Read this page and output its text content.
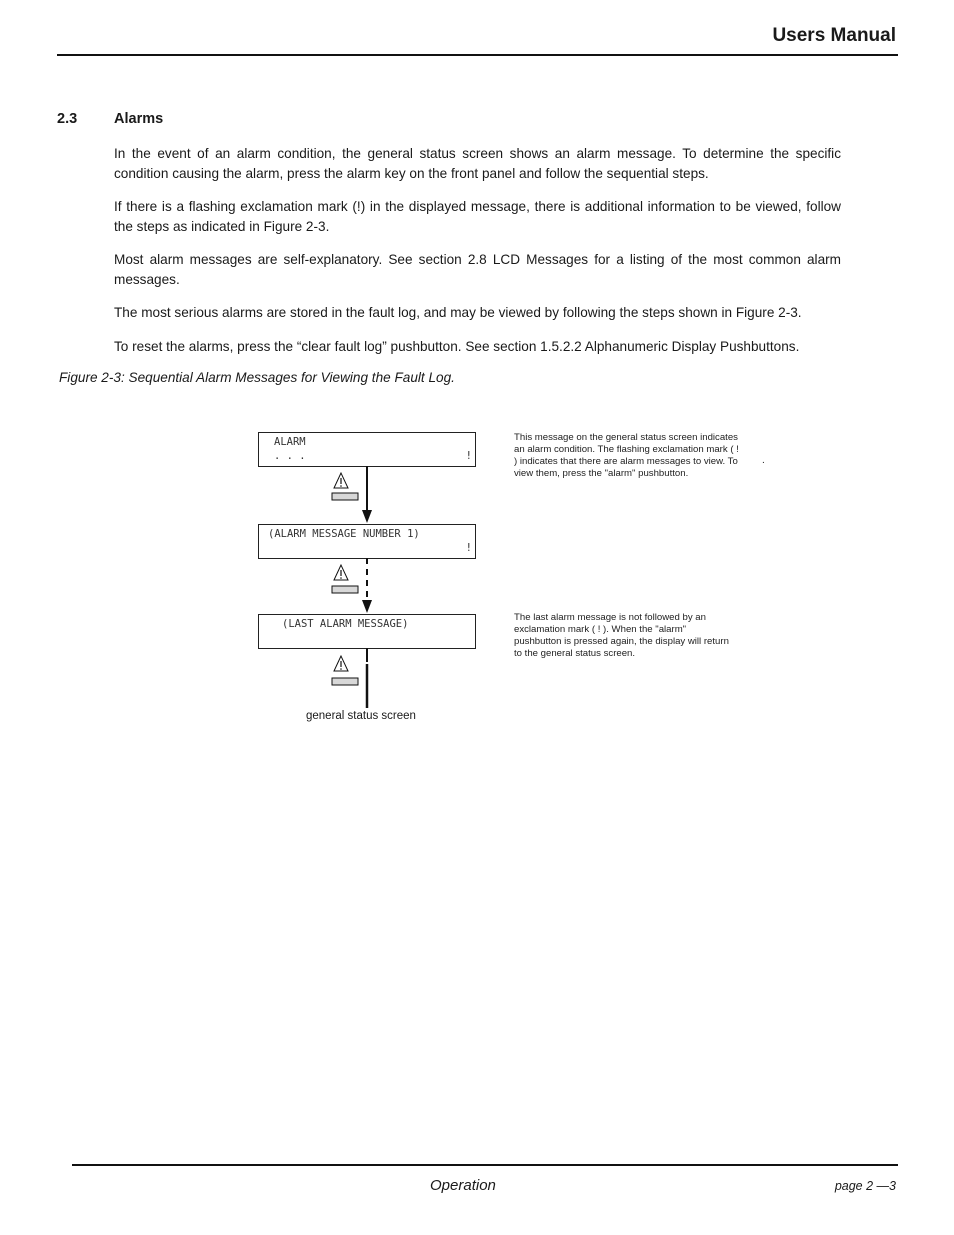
Users Manual
2.3	Alarms
In the event of an alarm condition, the general status screen shows an alarm message. To determine the specific condition causing the alarm, press the alarm key on the front panel and follow the sequential steps.
If there is a flashing exclamation mark (!) in the displayed message, there is additional information to be viewed, follow the steps as indicated in Figure 2-3.
Most alarm messages are self-explanatory. See section 2.8 LCD Messages for a listing of the most common alarm messages.
The most serious alarms are stored in the fault log, and may be viewed by following the steps shown in Figure 2-3.
To reset the alarms, press the “clear fault log” pushbutton. See section 1.5.2.2 Alphanumeric Display Pushbuttons.
Figure 2-3: Sequential Alarm Messages for Viewing the Fault Log.
ALARM
. . .	!
(ALARM MESSAGE NUMBER 1)
!
(LAST ALARM MESSAGE)
This message on the general status screen indicates an alarm condition. The flashing exclamation mark ( ! ) indicates that there are alarm messages to view. To view them, press the "alarm" pushbutton.
.
The last alarm message is not followed by an exclamation mark ( ! ). When the "alarm" pushbutton is pressed again, the display will return to the general status screen.
general status screen
Operation	page 2 —3
